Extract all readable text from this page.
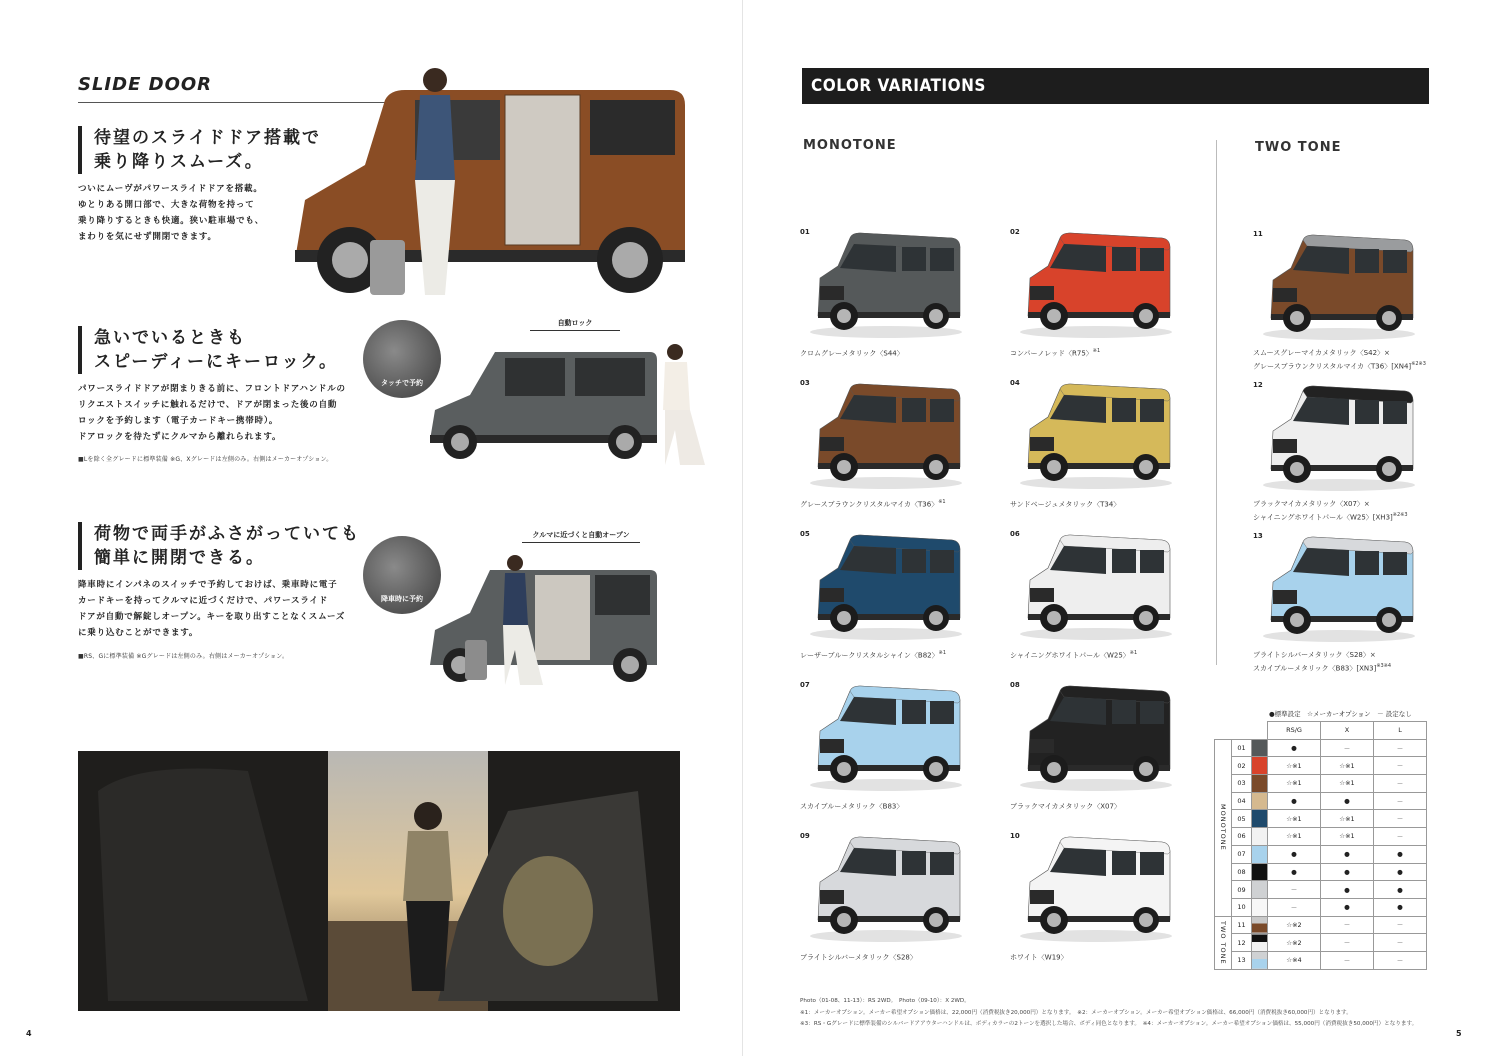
SLIDE DOOR
待望のスライドドア搭載で
乗り降りスムーズ。
ついにムーヴがパワースライドドアを搭載。
ゆとりある開口部で、大きな荷物を持って
乗り降りするときも快適。狭い駐車場でも、
まわりを気にせず開閉できます。
急いでいるときも
スピーディーにキーロック。
パワースライドドアが閉まりきる前に、フロントドアハンドルの
リクエストスイッチに触れるだけで、ドアが閉まった後の自動
ロックを予約します（電子カードキー携帯時）。
ドアロックを待たずにクルマから離れられます。
■Lを除く全グレードに標準装備 ※G、Xグレードは左側のみ。右側はメーカーオプション。
タッチで予約
自動ロック
荷物で両手がふさがっていても
簡単に開閉できる。
降車時にインパネのスイッチで予約しておけば、乗車時に電子
カードキーを持ってクルマに近づくだけで、パワースライド
ドアが自動で解錠しオープン。キーを取り出すことなくスムーズ
に乗り込むことができます。
■RS、Gに標準装備 ※Gグレードは左側のみ。右側はメーカーオプション。
降車時に予約
クルマに近づくと自動オープン
4
COLOR VARIATIONS
MONOTONE	TWO TONE
01
クロムグレーメタリック〈S44〉
02
コンパーノレッド〈R75〉$^{※1}$
03
グレースブラウンクリスタルマイカ〈T36〉$^{※1}$
04
サンドベージュメタリック〈T34〉
05
レーザーブルークリスタルシャイン〈B82〉$^{※1}$
06
シャイニングホワイトパール〈W25〉$^{※1}$
07
スカイブルーメタリック〈B83〉
08
ブラックマイカメタリック〈X07〉
09
ブライトシルバーメタリック〈S28〉
10
ホワイト〈W19〉
11
スムースグレーマイカメタリック〈S42〉×
グレースブラウンクリスタルマイカ〈T36〉$[XN4]^{※2※3}$
12
ブラックマイカメタリック〈X07〉×
シャイニングホワイトパール〈W25〉$[XH3]^{※2※3}$
13
ブライトシルバーメタリック〈S28〉×
スカイブルーメタリック〈B83〉$[XN3]^{※3※4}$
●標準設定　☆メーカーオプション　－ 設定なし
			RS/G	X	L
MONOTONE	01		●	－	－
	02		☆※1	☆※1	－
	03		☆※1	☆※1	－
	04		●	●	－
	05		☆※1	☆※1	－
	06		☆※1	☆※1	－
	07		●	●	●
	08		●	●	●
	09		－	●	●
	10		－	●	●
TWO TONE	11		☆※2	－	－
	12		☆※2	－	－
	13		☆※4	－	－
Photo（01-08、11-13）：RS 2WD。　Photo（09-10）：X 2WD。
※1：メーカーオプション。メーカー希望オプション価格は、22,000円（消費税抜き20,000円）となります。　※2：メーカーオプション。メーカー希望オプション価格は、66,000円（消費税抜き60,000円）となります。
※3：RS・Gグレードに標準装備のシルバードアアウターハンドルは、ボディカラーの2トーンを選択した場合、ボディ同色となります。　※4：メーカーオプション。メーカー希望オプション価格は、55,000円（消費税抜き50,000円）となります。
5
